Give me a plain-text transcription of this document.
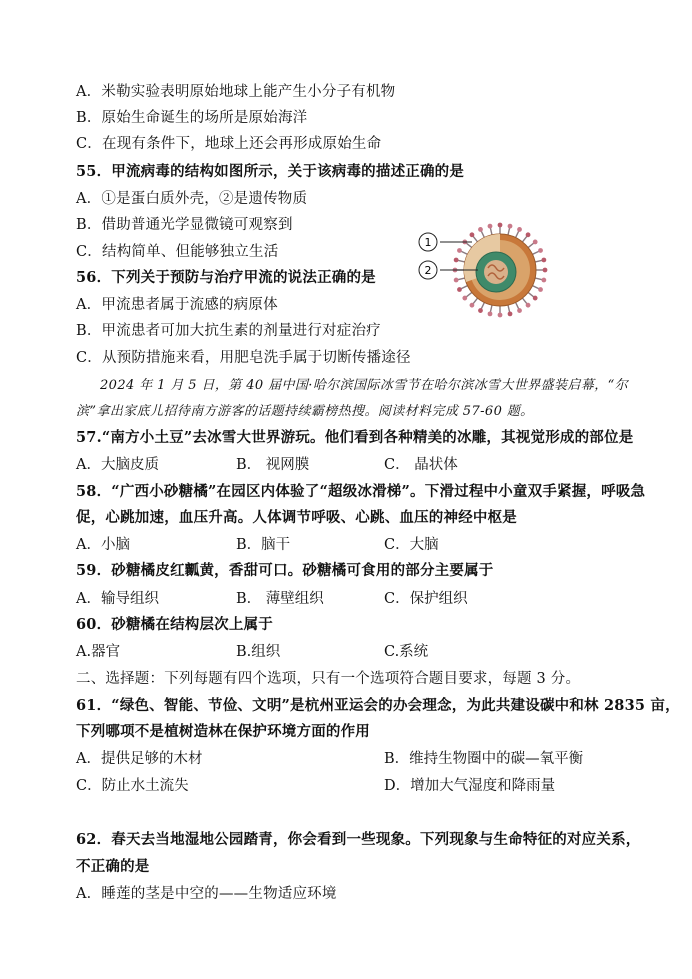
A．米勒实验表明原始地球上能产生小分子有机物
B．原始生命诞生的场所是原始海洋
C．在现有条件下，地球上还会再形成原始生命
55．甲流病毒的结构如图所示，关于该病毒的描述正确的是
A．①是蛋白质外壳，②是遗传物质
B．借助普通光学显微镜可观察到
C．结构简单、但能够独立生活
56．下列关于预防与治疗甲流的说法正确的是
A．甲流患者属于流感的病原体
B．甲流患者可加大抗生素的剂量进行对症治疗
C．从预防措施来看，用肥皂洗手属于切断传播途径
2024 年 1 月 5 日，第 40 届中国·哈尔滨国际冰雪节在哈尔滨冰雪大世界盛装启幕，“尔
滨”拿出家底儿招待南方游客的话题持续霸榜热搜。阅读材料完成 57-60 题。
57.“南方小土豆”去冰雪大世界游玩。他们看到各种精美的冰雕，其视觉形成的部位是
A．大脑皮质	B． 视网膜	C． 晶状体
58．“广西小砂糖橘”在园区内体验了“超级冰滑梯”。下滑过程中小童双手紧握，呼吸急
促，心跳加速，血压升高。人体调节呼吸、心跳、血压的神经中枢是
A．小脑	B．脑干	C．大脑
59．砂糖橘皮红瓤黄，香甜可口。砂糖橘可食用的部分主要属于
A．输导组织	B． 薄壁组织	C．保护组织
60．砂糖橘在结构层次上属于
A.器官	B.组织	C.系统
二、选择题：下列每题有四个选项，只有一个选项符合题目要求，每题 3 分。
61．“绿色、智能、节俭、文明”是杭州亚运会的办会理念，为此共建设碳中和林 2835 亩，
下列哪项不是植树造林在保护环境方面的作用
A．提供足够的木材	B．维持生物圈中的碳—氧平衡
C．防止水土流失	D．增加大气湿度和降雨量
62．春天去当地湿地公园踏青，你会看到一些现象。下列现象与生命特征的对应关系，
不正确的是
A．睡莲的茎是中空的——生物适应环境
1
2
